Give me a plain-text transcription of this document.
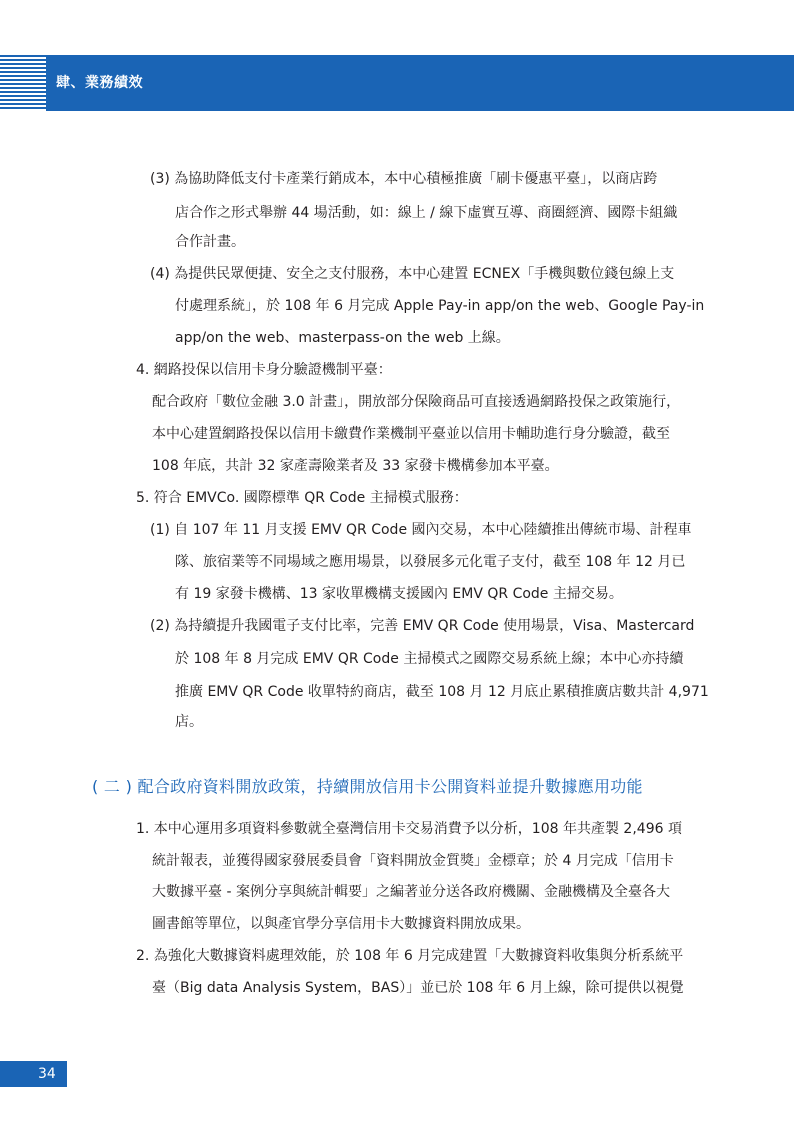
肆、業務績效
(3) 為協助降低支付卡產業行銷成本，本中心積極推廣「刷卡優惠平臺」，以商店跨
店合作之形式舉辦 44 場活動，如：線上 / 線下虛實互導、商圈經濟、國際卡組織
合作計畫。
(4) 為提供民眾便捷、安全之支付服務，本中心建置 ECNEX「手機與數位錢包線上支
付處理系統」，於 108 年 6 月完成 Apple Pay-in app/on the web、Google Pay-in
app/on the web、masterpass-on the web 上線。
4. 網路投保以信用卡身分驗證機制平臺：
配合政府「數位金融 3.0 計畫」，開放部分保險商品可直接透過網路投保之政策施行，
本中心建置網路投保以信用卡繳費作業機制平臺並以信用卡輔助進行身分驗證，截至
108 年底，共計 32 家產壽險業者及 33 家發卡機構參加本平臺。
5. 符合 EMVCo. 國際標準 QR Code 主掃模式服務：
(1) 自 107 年 11 月支援 EMV QR Code 國內交易，本中心陸續推出傳統市場、計程車
隊、旅宿業等不同場域之應用場景，以發展多元化電子支付，截至 108 年 12 月已
有 19 家發卡機構、13 家收單機構支援國內 EMV QR Code 主掃交易。
(2) 為持續提升我國電子支付比率，完善 EMV QR Code 使用場景，Visa、Mastercard
於 108 年 8 月完成 EMV QR Code 主掃模式之國際交易系統上線；本中心亦持續
推廣 EMV QR Code 收單特約商店，截至 108 月 12 月底止累積推廣店數共計 4,971
店。
( 二 ) 配合政府資料開放政策，持續開放信用卡公開資料並提升數據應用功能
1. 本中心運用多項資料參數就全臺灣信用卡交易消費予以分析，108 年共產製 2,496 項
統計報表，並獲得國家發展委員會「資料開放金質獎」金標章；於 4 月完成「信用卡
大數據平臺 - 案例分享與統計輯要」之編著並分送各政府機關、金融機構及全臺各大
圖書館等單位，以與產官學分享信用卡大數據資料開放成果。
2. 為強化大數據資料處理效能，於 108 年 6 月完成建置「大數據資料收集與分析系統平
臺（Big data Analysis System，BAS）」並已於 108 年 6 月上線，除可提供以視覺
34
